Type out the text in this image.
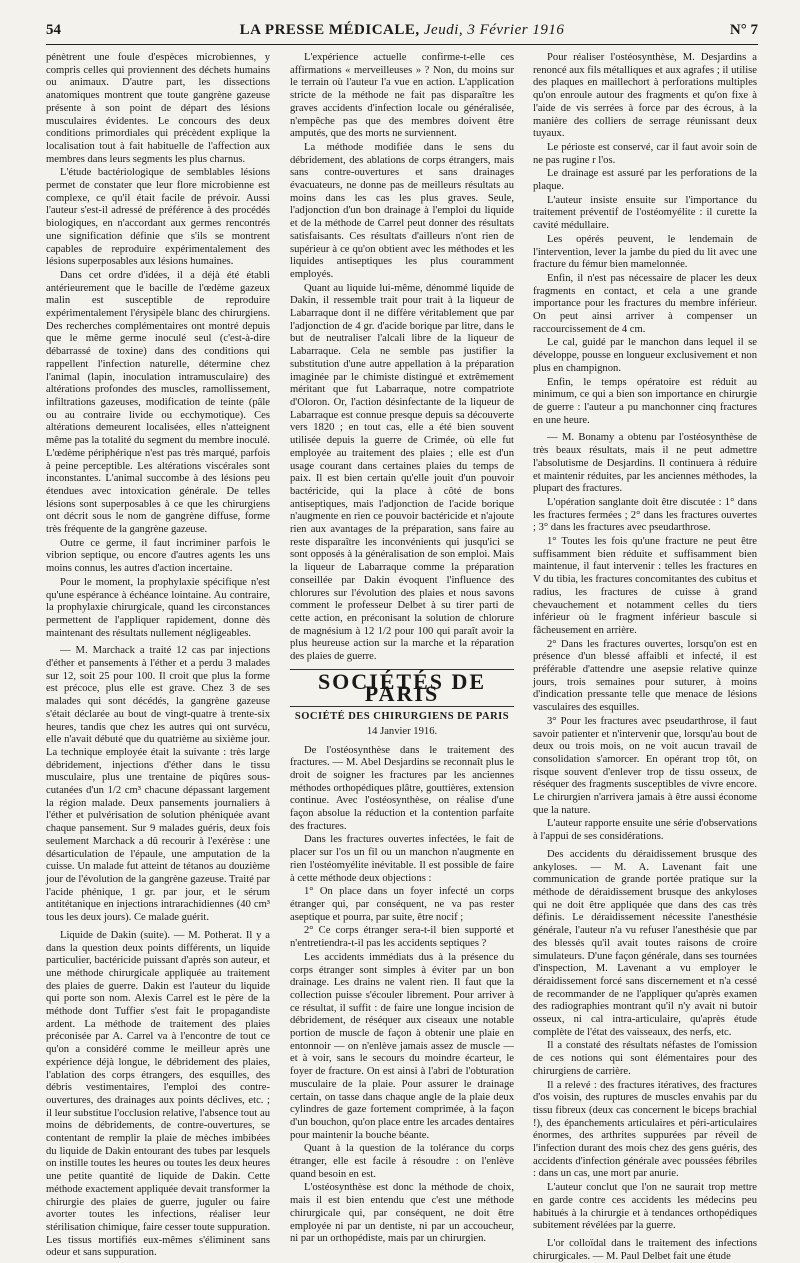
54	LA PRESSE MÉDICALE, Jeudi, 3 Février 1916	N° 7

pénètrent une foule d'espèces microbiennes, y compris celles qui proviennent des déchets humains ou animaux. D'autre part, les dissections anatomiques montrent que toute gangrène gazeuse présente à son point de départ des lésions musculaires évidentes. Le concours des deux conditions primordiales qui précèdent explique la localisation tout à fait habituelle de l'affection aux membres dans leurs segments les plus charnus.

L'étude bactériologique de semblables lésions permet de constater que leur flore microbienne est complexe, ce qu'il était facile de prévoir. Aussi l'auteur s'est-il adressé de préférence à des procédés biologiques, en n'accordant aux germes rencontrés une signification définie que s'ils se montrent capables de reproduire expérimentalement des lésions superposables aux lésions humaines.

Dans cet ordre d'idées, il a déjà été établi antérieurement que le bacille de l'œdème gazeux malin est susceptible de reproduire expérimentalement l'érysipèle blanc des chirurgiens. Des recherches complémentaires ont montré depuis que le même germe inoculé seul (c'est-à-dire débarrassé de toxine) dans des conditions qui rappellent l'infection naturelle, détermine chez l'animal (lapin, inoculation intramusculaire) des altérations profondes des muscles, ramollissement, infiltrations gazeuses, modification de teinte (pâle ou au contraire livide ou ecchymotique). Ces altérations demeurent localisées, elles n'atteignent même pas la totalité du segment du membre inoculé. L'œdème périphérique n'est pas très marqué, parfois à peine perceptible. Les altérations viscérales sont inconstantes. L'animal succombe à des lésions peu étendues avec intoxication générale. De telles lésions sont superposables à ce que les chirurgiens ont décrit sous le nom de gangrène diffuse, forme très fréquente de la gangrène gazeuse.

Outre ce germe, il faut incriminer parfois le vibrion septique, ou encore d'autres agents les uns moins connus, les autres d'action incertaine.

Pour le moment, la prophylaxie spécifique n'est qu'une espérance à échéance lointaine. Au contraire, la prophylaxie chirurgicale, quand les circonstances permettent de l'appliquer rapidement, donne dès maintenant des résultats nullement négligeables.

— M. Marchack a traité 12 cas par injections d'éther et pansements à l'éther et a perdu 3 malades sur 12, soit 25 pour 100. Il croit que plus la forme est précoce, plus elle est grave. Chez 3 de ses malades qui sont décédés, la gangrène gazeuse s'était déclarée au bout de vingt-quatre à trente-six heures, tandis que chez les autres qui ont survécu, elle n'avait débuté que du quatrième au sixième jour. La technique employée était la suivante : très large débridement, injections d'éther dans le tissu musculaire, plus une trentaine de piqûres sous-cutanées d'un 1/2 cm³ chacune dépassant largement la région malade. Deux pansements journaliers à l'éther et pulvérisation de solution phéniquée avant chaque pansement. Sur 9 malades guéris, deux fois seulement Marchack a dû recourir à l'exérèse : une désarticulation de l'épaule, une amputation de la cuisse. Un malade fut atteint de tétanos au douzième jour de l'évolution de la gangrène gazeuse. Traité par l'acide phénique, 1 gr. par jour, et le sérum antitétanique en injections intrarachidiennes (40 cm³ tous les deux jours). Ce malade guérit.

Liquide de Dakin (suite). — M. Potherat. Il y a dans la question deux points différents, un liquide particulier, bactéricide puissant d'après son auteur, et une méthode chirurgicale appliquée au traitement des plaies de guerre. Dakin est l'auteur du liquide qui porte son nom. Alexis Carrel est le père de la méthode dont Tuffier s'est fait le propagandiste ardent. La méthode de traitement des plaies préconisée par A. Carrel va à l'encontre de tout ce qu'on a considéré comme le meilleur après une expérience déjà longue, le débridement des plaies, l'ablation des corps étrangers, des esquilles, des débris vestimentaires, l'emploi des contre-ouvertures, des drainages aux points déclives, etc. ; il leur substitue l'occlusion relative, l'absence tout au moins de débridements, de contre-ouvertures, se contentant de remplir la plaie de mèches imbibées du liquide de Dakin entourant des tubes par lesquels on instille toutes les heures ou toutes les deux heures une petite quantité de liquide de Dakin. Cette méthode exactement appliquée devait transformer la chirurgie des plaies de guerre, juguler ou faire avorter toutes les infections, réaliser leur stérilisation chimique, faire cesser toute suppuration. Les tissus mortifiés eux-mêmes s'éliminent sans odeur et sans suppuration.

L'expérience actuelle confirme-t-elle ces affirmations « merveilleuses » ? Non, du moins sur le terrain où l'auteur l'a vue en action. L'application stricte de la méthode ne fait pas disparaître les graves accidents d'infection locale ou généralisée, n'empêche pas que des membres doivent être amputés, que des morts ne surviennent.

La méthode modifiée dans le sens du débridement, des ablations de corps étrangers, mais sans contre-ouvertures et sans drainages évacuateurs, ne donne pas de meilleurs résultats au moins dans les cas les plus graves. Seule, l'adjonction d'un bon drainage à l'emploi du liquide et de la méthode de Carrel peut donner des résultats satisfaisants. Ces résultats d'ailleurs n'ont rien de supérieur à ce qu'on obtient avec les méthodes et les liquides antiseptiques les plus couramment employés.

Quant au liquide lui-même, dénommé liquide de Dakin, il ressemble trait pour trait à la liqueur de Labarraque dont il ne diffère véritablement que par l'adjonction de 4 gr. d'acide borique par litre, dans le but de neutraliser l'alcali libre de la liqueur de Labarraque. Cela ne semble pas justifier la substitution d'une autre appellation à la préparation imaginée par le chimiste distingué et extrêmement méritant que fut Labarraque, notre compatriote d'Oloron. Or, l'action désinfectante de la liqueur de Labarraque est connue presque depuis sa découverte vers 1820 ; en tout cas, elle a été bien souvent utilisée depuis la guerre de Crimée, où elle fut employée au traitement des plaies ; elle est d'un usage courant dans certaines plaies du temps de paix. Il est bien certain qu'elle jouit d'un pouvoir bactéricide, qui la place à côté de bons antiseptiques, mais l'adjonction de l'acide borique n'augmente en rien ce pouvoir bactéricide et n'ajoute rien aux avantages de la préparation, sans faire au reste disparaître les inconvénients qui jusqu'ici se sont opposés à la généralisation de son emploi. Mais la liqueur de Labarraque comme la préparation conseillée par Dakin évoquent l'influence des chlorures sur l'évolution des plaies et nous savons comment le professeur Delbet à su tirer parti de cette action, en préconisant la solution de chlorure de magnésium à 12 1/2 pour 100 qui paraît avoir la plus heureuse action sur la marche et la réparation des plaies de guerre.

SOCIÉTÉS DE PARIS
SOCIÉTÉ DES CHIRURGIENS DE PARIS
14 Janvier 1916.

De l'ostéosynthèse dans le traitement des fractures. — M. Abel Desjardins se reconnaît plus le droit de soigner les fractures par les anciennes méthodes orthopédiques plâtre, gouttières, extension continue. Avec l'ostéosynthèse, on réalise d'une façon absolue la réduction et la contention parfaite des fractures.

Dans les fractures ouvertes infectées, le fait de placer sur l'os un fil ou un manchon n'augmente en rien l'ostéomyélite inévitable. Il est possible de faire à cette méthode deux objections :

1° On place dans un foyer infecté un corps étranger qui, par conséquent, ne va pas rester aseptique et pourra, par suite, être nocif ;

2° Ce corps étranger sera-t-il bien supporté et n'entretiendra-t-il pas les accidents septiques ?

Les accidents immédiats dus à la présence du corps étranger sont simples à éviter par un bon drainage. Les drains ne valent rien. Il faut que la collection puisse s'écouler librement. Pour arriver à ce résultat, il suffit : de faire une longue incision de débridement, de réséquer aux ciseaux une notable portion de muscle de façon à obtenir une plaie en entonnoir — on n'enlève jamais assez de muscle — et à voir, sans le secours du moindre écarteur, le foyer de fracture. On est ainsi à l'abri de l'obturation musculaire de la plaie. Pour assurer le drainage certain, on tasse dans chaque angle de la plaie deux cylindres de gaze fortement comprimée, à la façon d'un bouchon, qu'on place entre les arcades dentaires pour maintenir la bouche béante.

Quant à la question de la tolérance du corps étranger, elle est facile à résoudre : on l'enlève quand besoin en est.

L'ostéosynthèse est donc la méthode de choix, mais il est bien entendu que c'est une méthode chirurgicale qui, par conséquent, ne doit être employée ni par un dentiste, ni par un accoucheur, ni par un orthopédiste, mais par un chirurgien.

Pour réaliser l'ostéosynthèse, M. Desjardins a renoncé aux fils métalliques et aux agrafes ; il utilise des plaques en maillechort à perforations multiples qu'on enroule autour des fragments et qu'on fixe à l'aide de vis serrées à force par des écrous, à la manière des colliers de serrage réunissant deux tuyaux.

Le périoste est conservé, car il faut avoir soin de ne pas rugine r l'os.

Le drainage est assuré par les perforations de la plaque.

L'auteur insiste ensuite sur l'importance du traitement préventif de l'ostéomyélite : il curette la cavité médullaire.

Les opérés peuvent, le lendemain de l'intervention, lever la jambe du pied du lit avec une fracture du fémur bien mamelonnée.

Enfin, il n'est pas nécessaire de placer les deux fragments en contact, et cela a une grande importance pour les fractures du membre inférieur. On peut ainsi arriver à compenser un raccourcissement de 4 cm.

Le cal, guidé par le manchon dans lequel il se développe, pousse en longueur exclusivement et non plus en champignon.

Enfin, le temps opératoire est réduit au minimum, ce qui a bien son importance en chirurgie de guerre : l'auteur a pu manchonner cinq fractures en une heure.

— M. Bonamy a obtenu par l'ostéosynthèse de très beaux résultats, mais il ne peut admettre l'absolutisme de Desjardins. Il continuera à réduire et maintenir réduites, par les anciennes méthodes, la plupart des fractures.

L'opération sanglante doit être discutée : 1° dans les fractures fermées ; 2° dans les fractures ouvertes ; 3° dans les fractures avec pseudarthrose.

1° Toutes les fois qu'une fracture ne peut être suffisamment bien réduite et suffisamment bien maintenue, il faut intervenir : telles les fractures en V du tibia, les fractures concomitantes des cubitus et radius, les fractures de cuisse à grand chevauchement et notamment celles du tiers inférieur où le fragment inférieur bascule si fâcheusement en arrière.

2° Dans les fractures ouvertes, lorsqu'on est en présence d'un blessé affaibli et infecté, il est préférable d'attendre une asepsie relative quinze jours, trois semaines pour suturer, à moins d'indication pressante telle que menace de lésions vasculaires des esquilles.

3° Pour les fractures avec pseudarthrose, il faut savoir patienter et n'intervenir que, lorsqu'au bout de deux ou trois mois, on ne voit aucun travail de consolidation s'amorcer. En opérant trop tôt, on risque souvent d'enlever trop de tissu osseux, de réséquer des fragments susceptibles de vivre encore. Le chirurgien n'arrivera jamais à être aussi économe que la nature.

L'auteur rapporte ensuite une série d'observations à l'appui de ses considérations.

Des accidents du déraidissement brusque des ankyloses. — M. A. Lavenant fait une communication de grande portée pratique sur la méthode de déraidissement brusque des ankyloses qui ne doit être appliquée que dans des cas très définis. Le déraidissement nécessite l'anesthésie générale, l'auteur n'a vu refuser l'anesthésie que par des blessés qu'il avait toutes raisons de croire simulateurs. D'une façon générale, dans ses tournées d'inspection, M. Lavenant a vu employer le déraidissement forcé sans discernement et n'a cessé de recommander de ne l'appliquer qu'après examen des radiographies montrant qu'il n'y avait ni butoir osseux, ni cal intra-articulaire, qu'après étude complète de l'état des vaisseaux, des nerfs, etc.

Il a constaté des résultats néfastes de l'omission de ces notions qui sont élémentaires pour des chirurgiens de carrière.

Il a relevé : des fractures itératives, des fractures d'os voisin, des ruptures de muscles envahis par du tissu fibreux (deux cas concernent le biceps brachial !), des épanchements articulaires et péri-articulaires énormes, des arthrites suppurées par réveil de l'infection durant des mois chez des gens guéris, des accidents d'infection générale avec poussées fébriles : dans un cas, une mort par anurie.

L'auteur conclut que l'on ne saurait trop mettre en garde contre ces accidents les médecins peu habitués à la chirurgie et à tendances orthopédiques subitement révélées par la guerre.

L'or colloïdal dans le traitement des infections chirurgicales. — M. Paul Delbet fait une étude
